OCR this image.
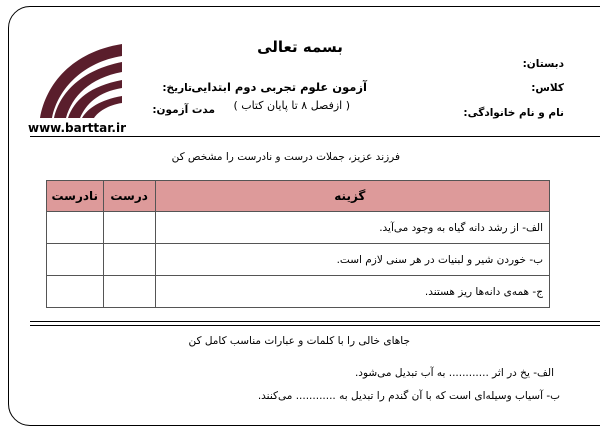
www.barttar.ir
بسمه تعالی
آزمون علوم تجربی دوم ابتدایی
( ازفصل ۸ تا پایان کتاب )
دبستان:
کلاس:
نام و نام خانوادگی:
تاریخ:
مدت آزمون:
فرزند عزیز، جملات درست و نادرست را مشخص کن
گزینه	درست	نادرست
الف- از رشد دانه گیاه به وجود می‌آید.		
ب- خوردن شیر و لبنیات در هر سنی لازم است.		
ج- همه‌ی دانه‌ها ریز هستند.		
جاهای خالی را با کلمات و عبارات مناسب کامل کن
الف- یخ در اثر ............ به آب تبدیل می‌شود.
ب- آسیاب وسیله‌ای است که با آن گندم را تبدیل به ............ می‌کنند.
